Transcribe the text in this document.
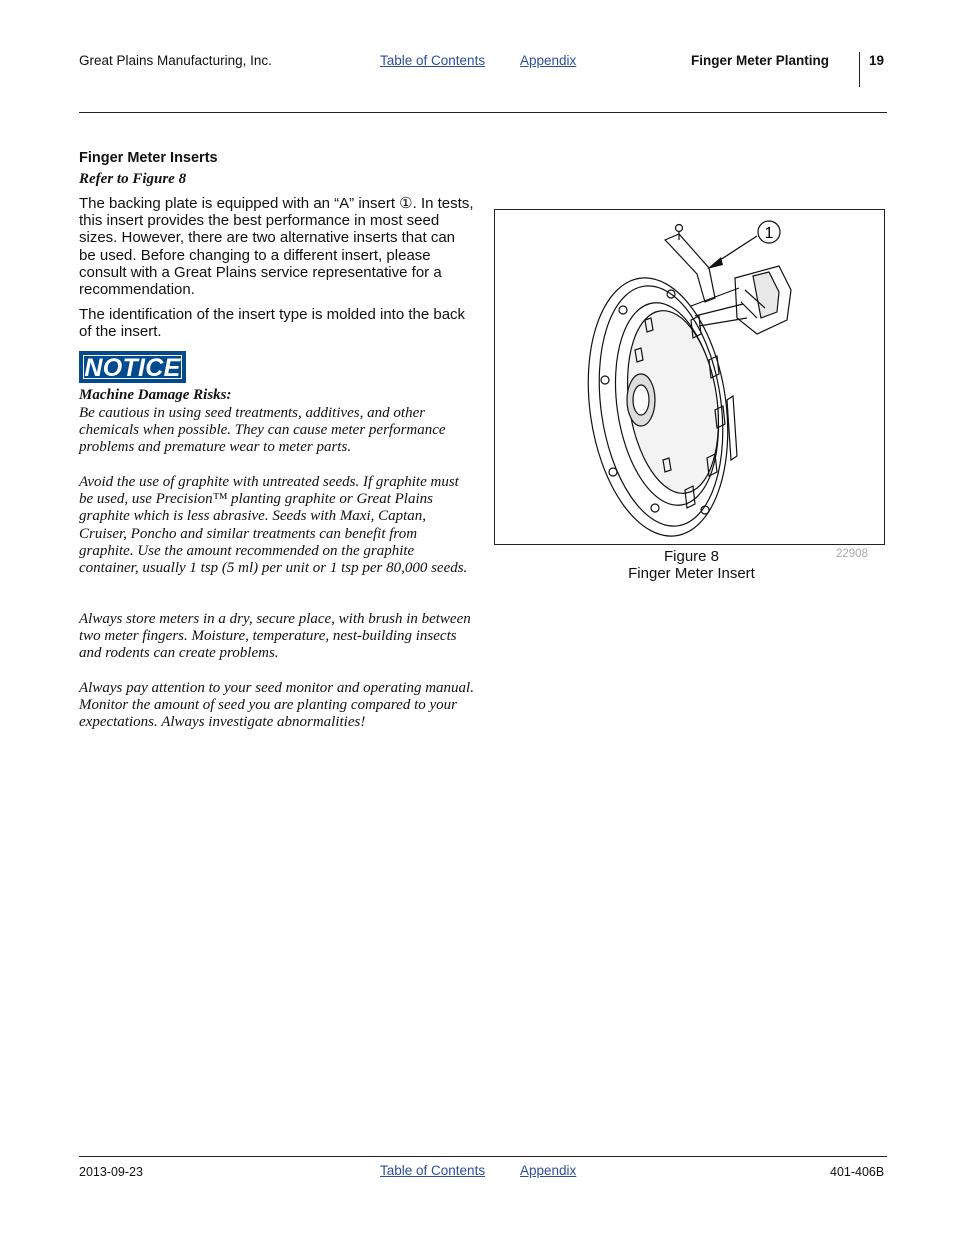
Great Plains Manufacturing, Inc.	Table of Contents	Appendix	Finger Meter Planting	19
Finger Meter Inserts
Refer to Figure 8

The backing plate is equipped with an “A” insert ①. In tests, this insert provides the best performance in most seed sizes. However, there are two alternative inserts that can be used. Before changing to a different insert, please consult with a Great Plains service representative for a recommendation.

The identification of the insert type is molded into the back of the insert.

NOTICE
Machine Damage Risks:

Be cautious in using seed treatments, additives, and other chemicals when possible. They can cause meter performance problems and premature wear to meter parts.

Avoid the use of graphite with untreated seeds. If graphite must be used, use Precision™ planting graphite or Great Plains graphite which is less abrasive. Seeds with Maxi, Captan, Cruiser, Poncho and similar treatments can benefit from graphite. Use the amount recommended on the graphite container, usually 1 tsp (5 ml) per unit or 1 tsp per 80,000 seeds.

Always store meters in a dry, secure place, with brush in between two meter fingers. Moisture, temperature, nest-building insects and rodents can create problems.

Always pay attention to your seed monitor and operating manual. Monitor the amount of seed you are planting compared to your expectations. Always investigate abnormalities!

1
Figure 8
Finger Meter Insert
22908
2013-09-23	Table of Contents	Appendix	401-406B
